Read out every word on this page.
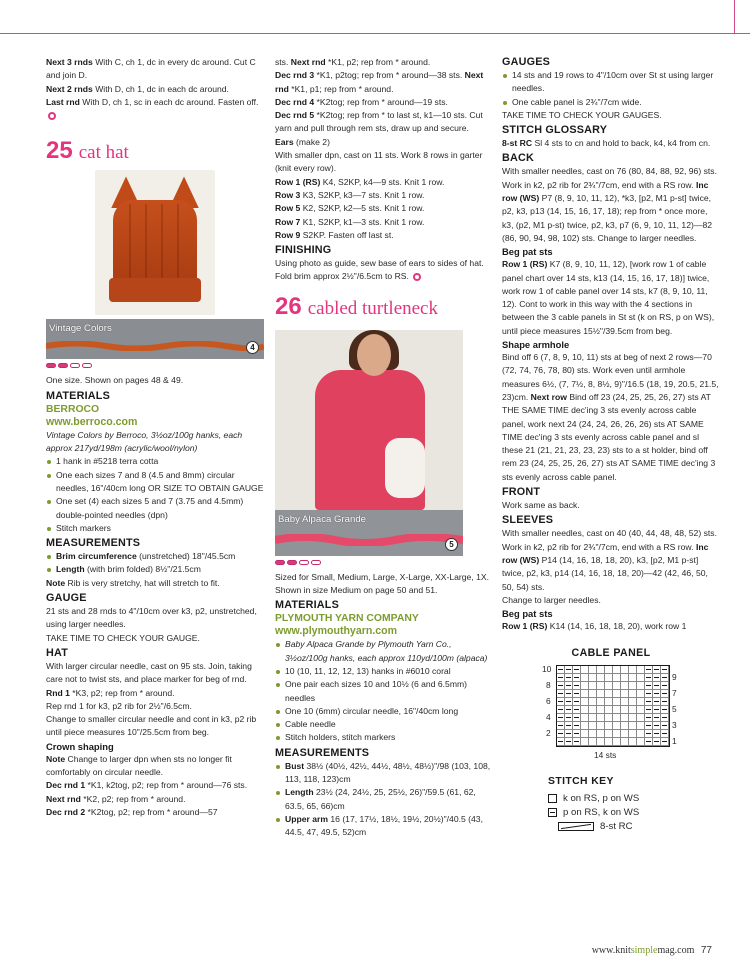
Next 3 rnds With C, ch 1, dc in every dc around. Cut C and join D.
Next 2 rnds With D, ch 1, dc in each dc around.
Last rnd With D, ch 1, sc in each dc around. Fasten off.

25 cat hat
Vintage Colors
4

One size. Shown on pages 48 & 49.

MATERIALS

BERROCO

www.berroco.com

Vintage Colors by Berroco, 3½oz/100g hanks, each approx 217yd/198m (acrylic/wool/nylon)

1 hank in #5218 terra cotta
One each sizes 7 and 8 (4.5 and 8mm) circular needles, 16"/40cm long OR SIZE TO OBTAIN GAUGE
One set (4) each sizes 5 and 7 (3.75 and 4.5mm) double-pointed needles (dpn)
Stitch markers

MEASUREMENTS

Brim circumference (unstretched) 18"/45.5cm
Length (with brim folded) 8½"/21.5cm

Note Rib is very stretchy, hat will stretch to fit.

GAUGE

21 sts and 28 rnds to 4"/10cm over k3, p2, unstretched, using larger needles.

TAKE TIME TO CHECK YOUR GAUGE.

HAT

With larger circular needle, cast on 95 sts. Join, taking care not to twist sts, and place marker for beg of rnd.

Rnd 1 *K3, p2; rep from * around.

Rep rnd 1 for k3, p2 rib for 2½"/6.5cm.

Change to smaller circular needle and cont in k3, p2 rib until piece measures 10"/25.5cm from beg.

Crown shaping

Note Change to larger dpn when sts no longer fit comfortably on circular needle.

Dec rnd 1 *K1, k2tog, p2; rep from * around—76 sts. Next rnd *K2, p2; rep from * around.

Dec rnd 2 *K2tog, p2; rep from * around—57

sts. Next rnd *K1, p2; rep from * around.
Dec rnd 3 *K1, p2tog; rep from * around—38 sts. Next rnd *K1, p1; rep from * around.
Dec rnd 4 *K2tog; rep from * around—19 sts.
Dec rnd 5 *K2tog; rep from * to last st, k1—10 sts. Cut yarn and pull through rem sts, draw up and secure.

Ears (make 2)

With smaller dpn, cast on 11 sts. Work 8 rows in garter (knit every row).

Row 1 (RS) K4, S2KP, k4—9 sts. Knit 1 row.

Row 3 K3, S2KP, k3—7 sts. Knit 1 row.

Row 5 K2, S2KP, k2—5 sts. Knit 1 row.

Row 7 K1, S2KP, k1—3 sts. Knit 1 row.

Row 9 S2KP. Fasten off last st.

FINISHING

Using photo as guide, sew base of ears to sides of hat. Fold brim approx 2½"/6.5cm to RS.

26 cabled turtleneck
Baby Alpaca Grande
5

Sized for Small, Medium, Large, X-Large, XX-Large, 1X. Shown in size Medium on page 50 and 51.

MATERIALS

PLYMOUTH YARN COMPANY

www.plymouthyarn.com

Baby Alpaca Grande by Plymouth Yarn Co., 3½oz/100g hanks, each approx 110yd/100m (alpaca)
10 (10, 11, 12, 12, 13) hanks in #6010 coral
One pair each sizes 10 and 10½ (6 and 6.5mm) needles
One 10 (6mm) circular needle, 16"/40cm long
Cable needle
Stitch holders, stitch markers

MEASUREMENTS

Bust 38½ (40½, 42½, 44½, 48½, 48½)"/98 (103, 108, 113, 118, 123)cm
Length 23½ (24, 24½, 25, 25½, 26)"/59.5 (61, 62, 63.5, 65, 66)cm
Upper arm 16 (17, 17½, 18½, 19½, 20½)"/40.5 (43, 44.5, 47, 49.5, 52)cm

GAUGES

14 sts and 19 rows to 4"/10cm over St st using larger needles.
One cable panel is 2¾"/7cm wide.

TAKE TIME TO CHECK YOUR GAUGES.

STITCH GLOSSARY

8-st RC Sl 4 sts to cn and hold to back, k4, k4 from cn.

BACK

With smaller needles, cast on 76 (80, 84, 88, 92, 96) sts. Work in k2, p2 rib for 2¾"/7cm, end with a RS row. Inc row (WS) P7 (8, 9, 10, 11, 12), *k3, [p2, M1 p-st] twice, p2, k3, p13 (14, 15, 16, 17, 18); rep from * once more, k3, (p2, M1 p-st) twice, p2, k3, p7 (6, 9, 10, 11, 12)—82 (86, 90, 94, 98, 102) sts. Change to larger needles.

Beg pat sts

Row 1 (RS) K7 (8, 9, 10, 11, 12), [work row 1 of cable panel chart over 14 sts, k13 (14, 15, 16, 17, 18)] twice, work row 1 of cable panel over 14 sts, k7 (8, 9, 10, 11, 12). Cont to work in this way with the 4 sections in between the 3 cable panels in St st (k on RS, p on WS), until piece measures 15½"/39.5cm from beg.

Shape armhole

Bind off 6 (7, 8, 9, 10, 11) sts at beg of next 2 rows—70 (72, 74, 76, 78, 80) sts. Work even until armhole measures 6½, (7, 7½, 8, 8½, 9)"/16.5 (18, 19, 20.5, 21.5, 23)cm. Next row Bind off 23 (24, 25, 25, 26, 27) sts AT THE SAME TIME dec'ing 3 sts evenly across cable panel, work next 24 (24, 24, 26, 26, 26) sts AT SAME TIME dec'ing 3 sts evenly across cable panel and sl these 21 (21, 21, 23, 23, 23) sts to a st holder, bind off rem 23 (24, 25, 25, 26, 27) sts AT SAME TIME dec'ing 3 sts evenly across cable panel.

FRONT

Work same as back.

SLEEVES

With smaller needles, cast on 40 (40, 44, 48, 48, 52) sts. Work in k2, p2 rib for 2¾"/7cm, end with a RS row. Inc row (WS) P14 (14, 16, 18, 18, 20), k3, [p2, M1 p-st] twice, p2, k3, p14 (14, 16, 18, 18, 20)—42 (42, 46, 50, 50, 54) sts.

Change to larger needles.

Beg pat sts

Row 1 (RS) K14 (14, 16, 18, 18, 20), work row 1

CABLE PANEL

10
8
6
4
2
9
7
5
3
1
14 sts

STITCH KEY

k on RS, p on WS
p on RS, k on WS
8-st RC
www.knitsimplemag.com 77
